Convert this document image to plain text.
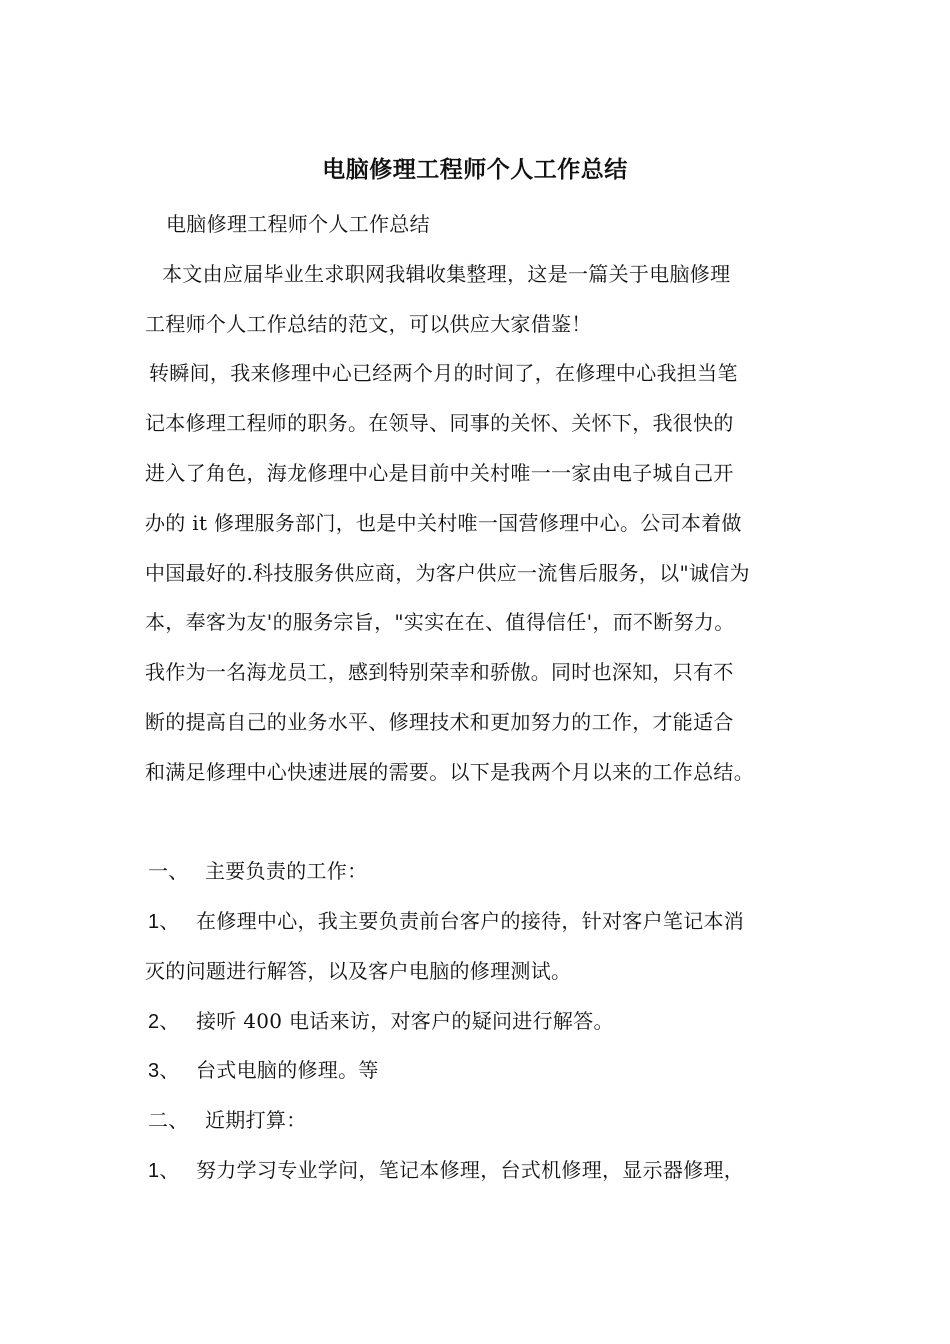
电脑修理工程师个人工作总结
电脑修理工程师个人工作总结
本文由应届毕业生求职网我辑收集整理，这是一篇关于电脑修理
工程师个人工作总结的范文，可以供应大家借鉴！
转瞬间，我来修理中心已经两个月的时间了，在修理中心我担当笔
记本修理工程师的职务。在领导、同事的关怀、关怀下，我很快的
进入了角色，海龙修理中心是目前中关村唯一一家由电子城自己开
办的 it 修理服务部门，也是中关村唯一国营修理中心。公司本着做
中国最好的.科技服务供应商，为客户供应一流售后服务，以"诚信为
本，奉客为友'的服务宗旨，"实实在在、值得信任'，而不断努力。
我作为一名海龙员工，感到特别荣幸和骄傲。同时也深知，只有不
断的提高自己的业务水平、修理技术和更加努力的工作，才能适合
和满足修理中心快速进展的需要。以下是我两个月以来的工作总结。
一、 主要负责的工作：
1、 在修理中心，我主要负责前台客户的接待，针对客户笔记本消
灭的问题进行解答，以及客户电脑的修理测试。
2、 接听 400 电话来访，对客户的疑问进行解答。
3、 台式电脑的修理。等
二、 近期打算：
1、 努力学习专业学问，笔记本修理，台式机修理，显示器修理，
